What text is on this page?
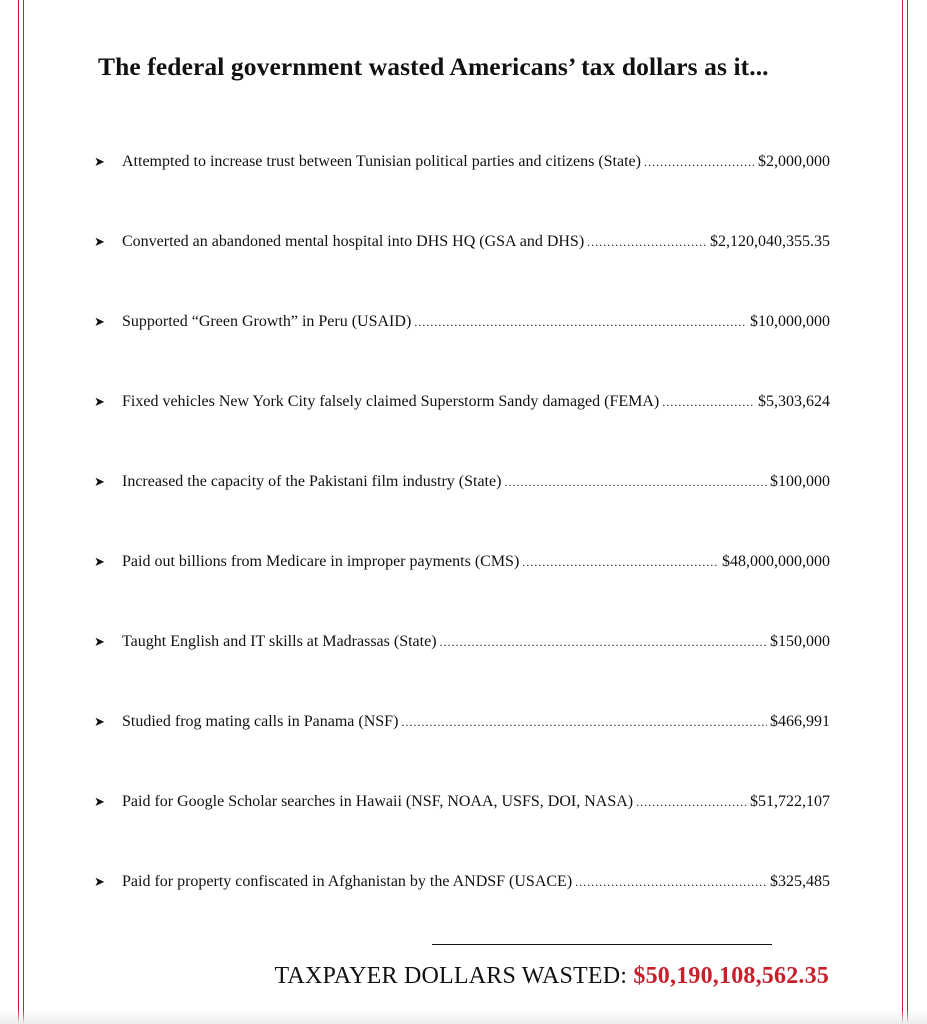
The federal government wasted Americans’ tax dollars as it...
➤	Attempted to increase trust between Tunisian political parties and citizens (State) .....	$2,000,000
➤	Converted an abandoned mental hospital into DHS HQ (GSA and DHS) .....	$2,120,040,355.35
➤	Supported “Green Growth” in Peru (USAID) .....	$10,000,000
➤	Fixed vehicles New York City falsely claimed Superstorm Sandy damaged (FEMA) .....	$5,303,624
➤	Increased the capacity of the Pakistani film industry (State) .....	$100,000
➤	Paid out billions from Medicare in improper payments (CMS) .....	$48,000,000,000
➤	Taught English and IT skills at Madrassas (State) .....	$150,000
➤	Studied frog mating calls in Panama (NSF) .....	$466,991
➤	Paid for Google Scholar searches in Hawaii (NSF, NOAA, USFS, DOI, NASA) .....	$51,722,107
➤	Paid for property confiscated in Afghanistan by the ANDSF (USACE) .....	$325,485
TAXPAYER DOLLARS WASTED: $50,190,108,562.35
